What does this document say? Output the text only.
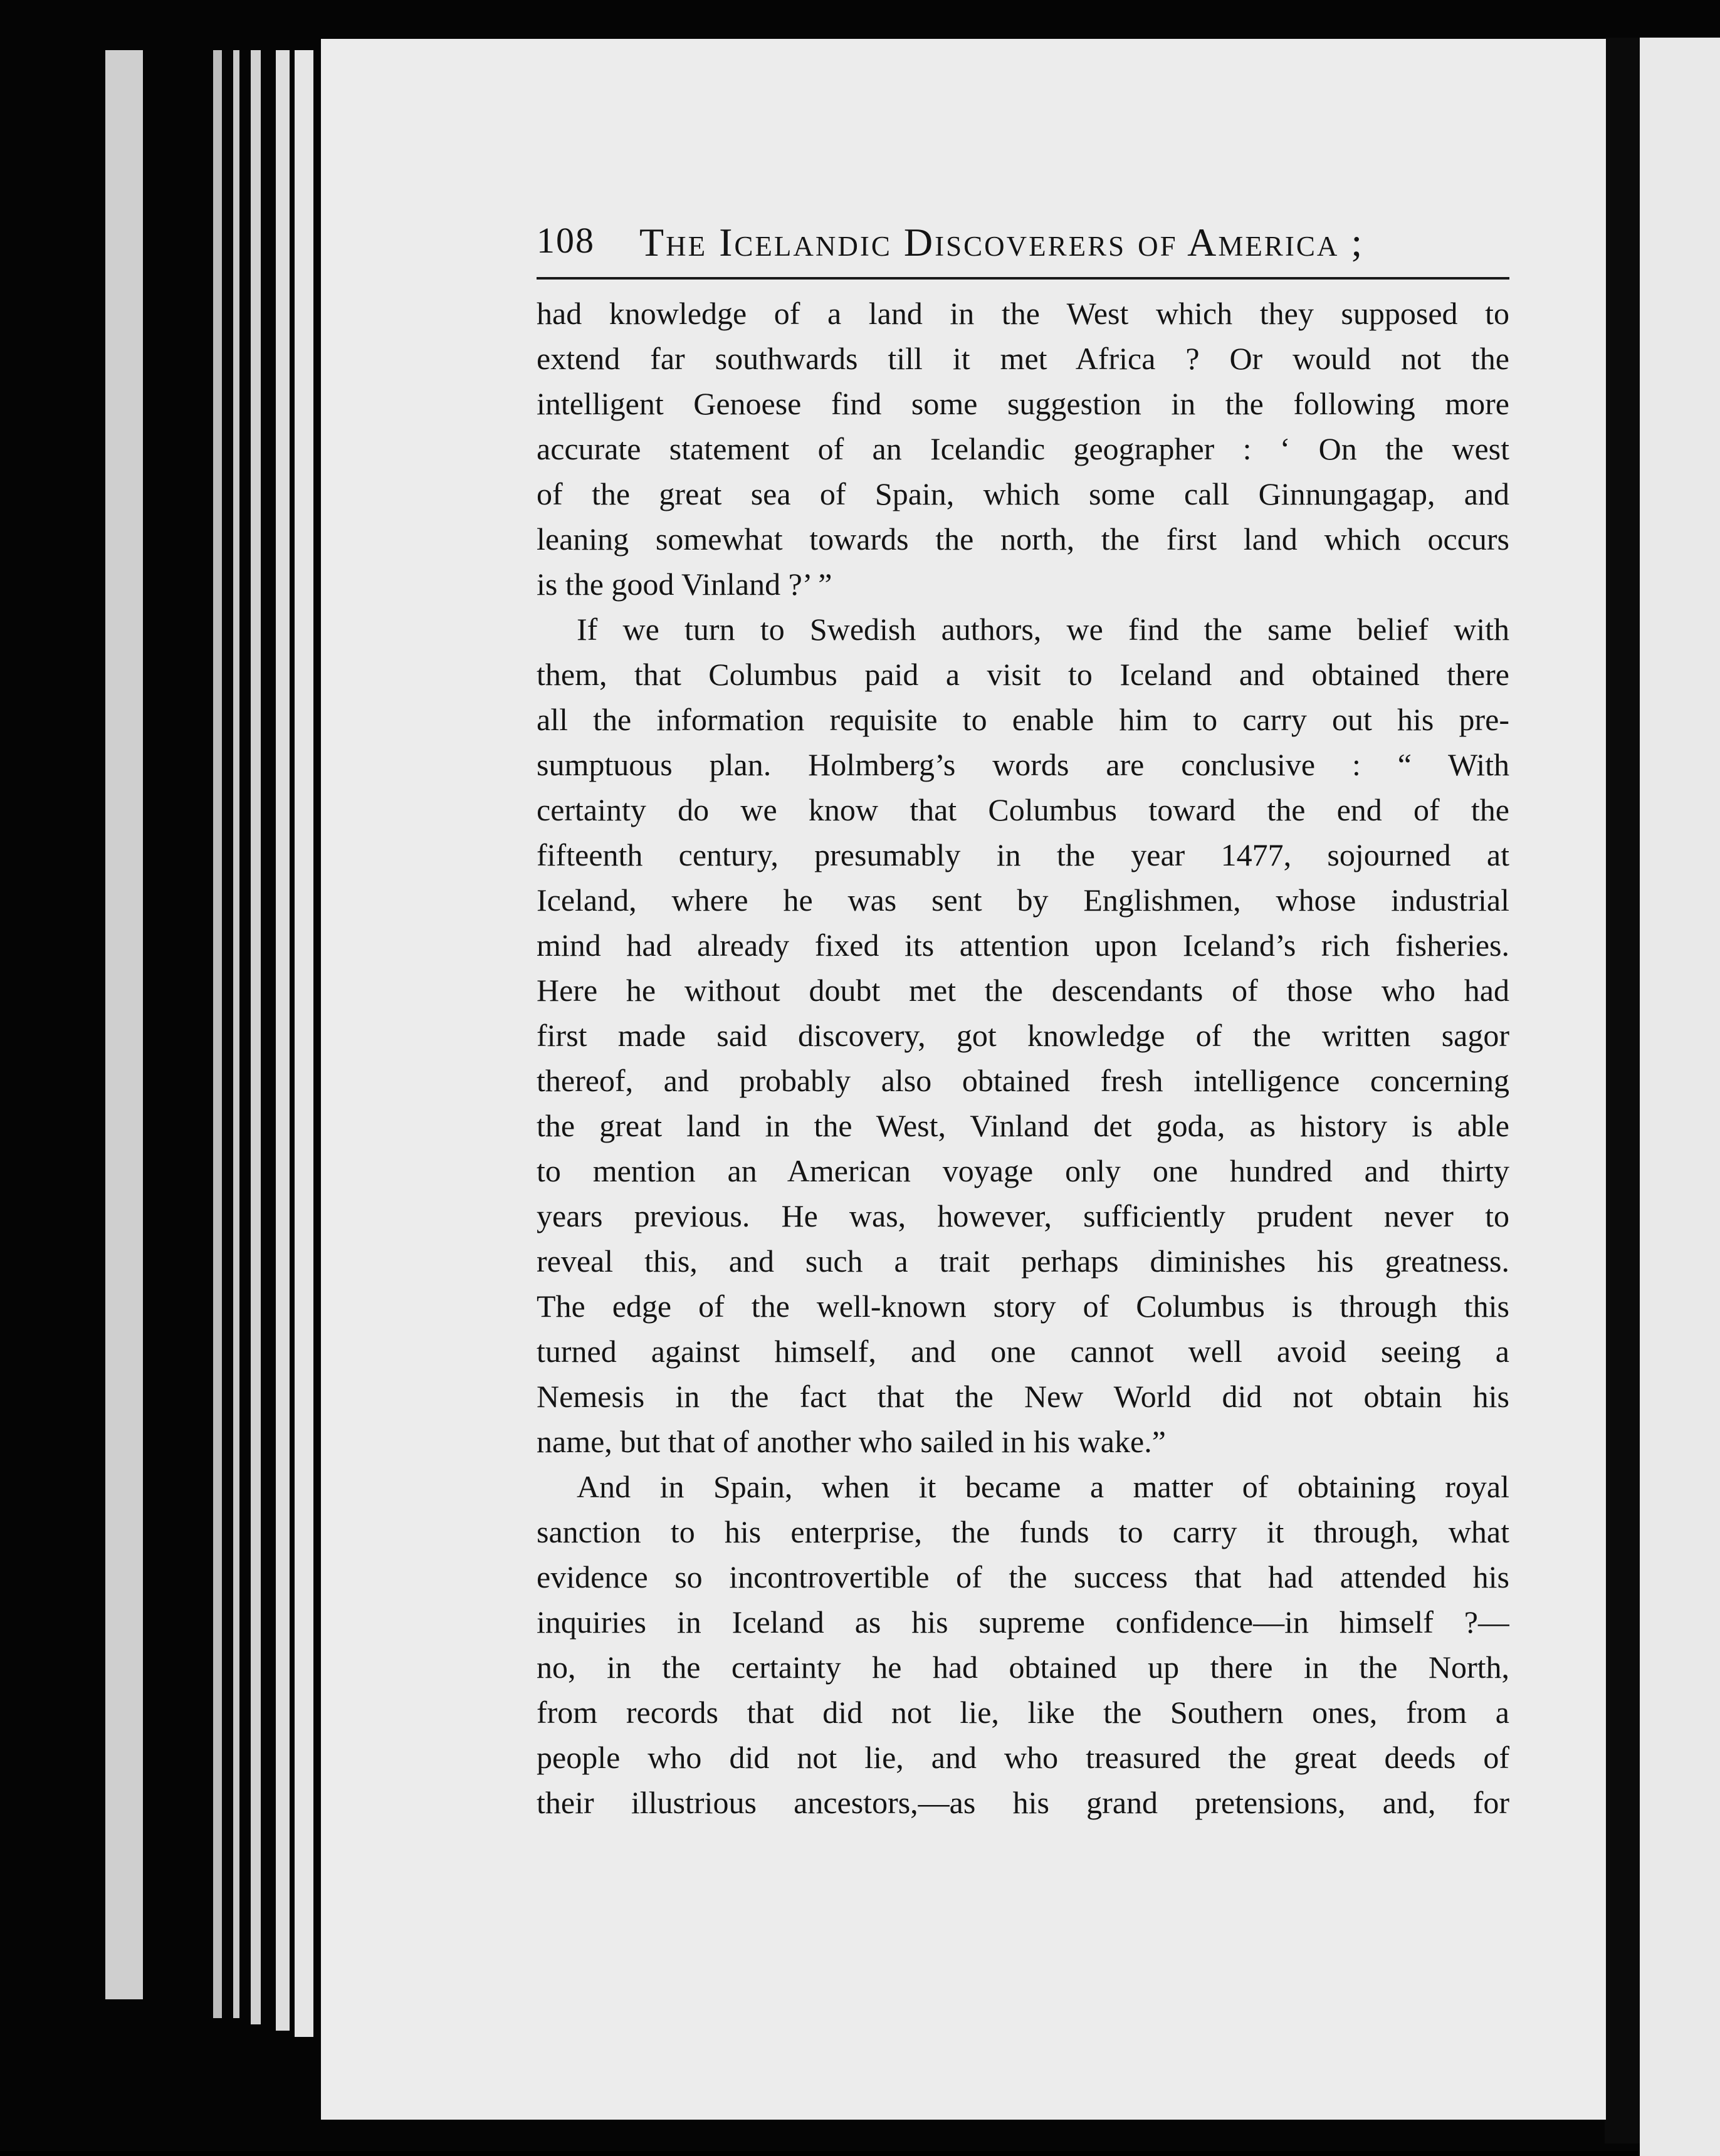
108 The Icelandic Discoverers of America ;
had knowledge of a land in the West which they supposed to
extend far southwards till it met Africa ? Or would not the
intelligent Genoese find some suggestion in the following more
accurate statement of an Icelandic geographer : ‘ On the west
of the great sea of Spain, which some call Ginnungagap, and
leaning somewhat towards the north, the first land which occurs
is the good Vinland ?’ ”
If we turn to Swedish authors, we find the same belief with
them, that Columbus paid a visit to Iceland and obtained there
all the information requisite to enable him to carry out his pre-
sumptuous plan. Holmberg’s words are conclusive : “ With
certainty do we know that Columbus toward the end of the
fifteenth century, presumably in the year 1477, sojourned at
Iceland, where he was sent by Englishmen, whose industrial
mind had already fixed its attention upon Iceland’s rich fisheries.
Here he without doubt met the descendants of those who had
first made said discovery, got knowledge of the written sagor
thereof, and probably also obtained fresh intelligence concerning
the great land in the West, Vinland det goda, as history is able
to mention an American voyage only one hundred and thirty
years previous. He was, however, sufficiently prudent never to
reveal this, and such a trait perhaps diminishes his greatness.
The edge of the well-known story of Columbus is through this
turned against himself, and one cannot well avoid seeing a
Nemesis in the fact that the New World did not obtain his
name, but that of another who sailed in his wake.”
And in Spain, when it became a matter of obtaining royal
sanction to his enterprise, the funds to carry it through, what
evidence so incontrovertible of the success that had attended his
inquiries in Iceland as his supreme confidence—in himself ?—
no, in the certainty he had obtained up there in the North,
from records that did not lie, like the Southern ones, from a
people who did not lie, and who treasured the great deeds of
their illustrious ancestors,—as his grand pretensions, and, for
